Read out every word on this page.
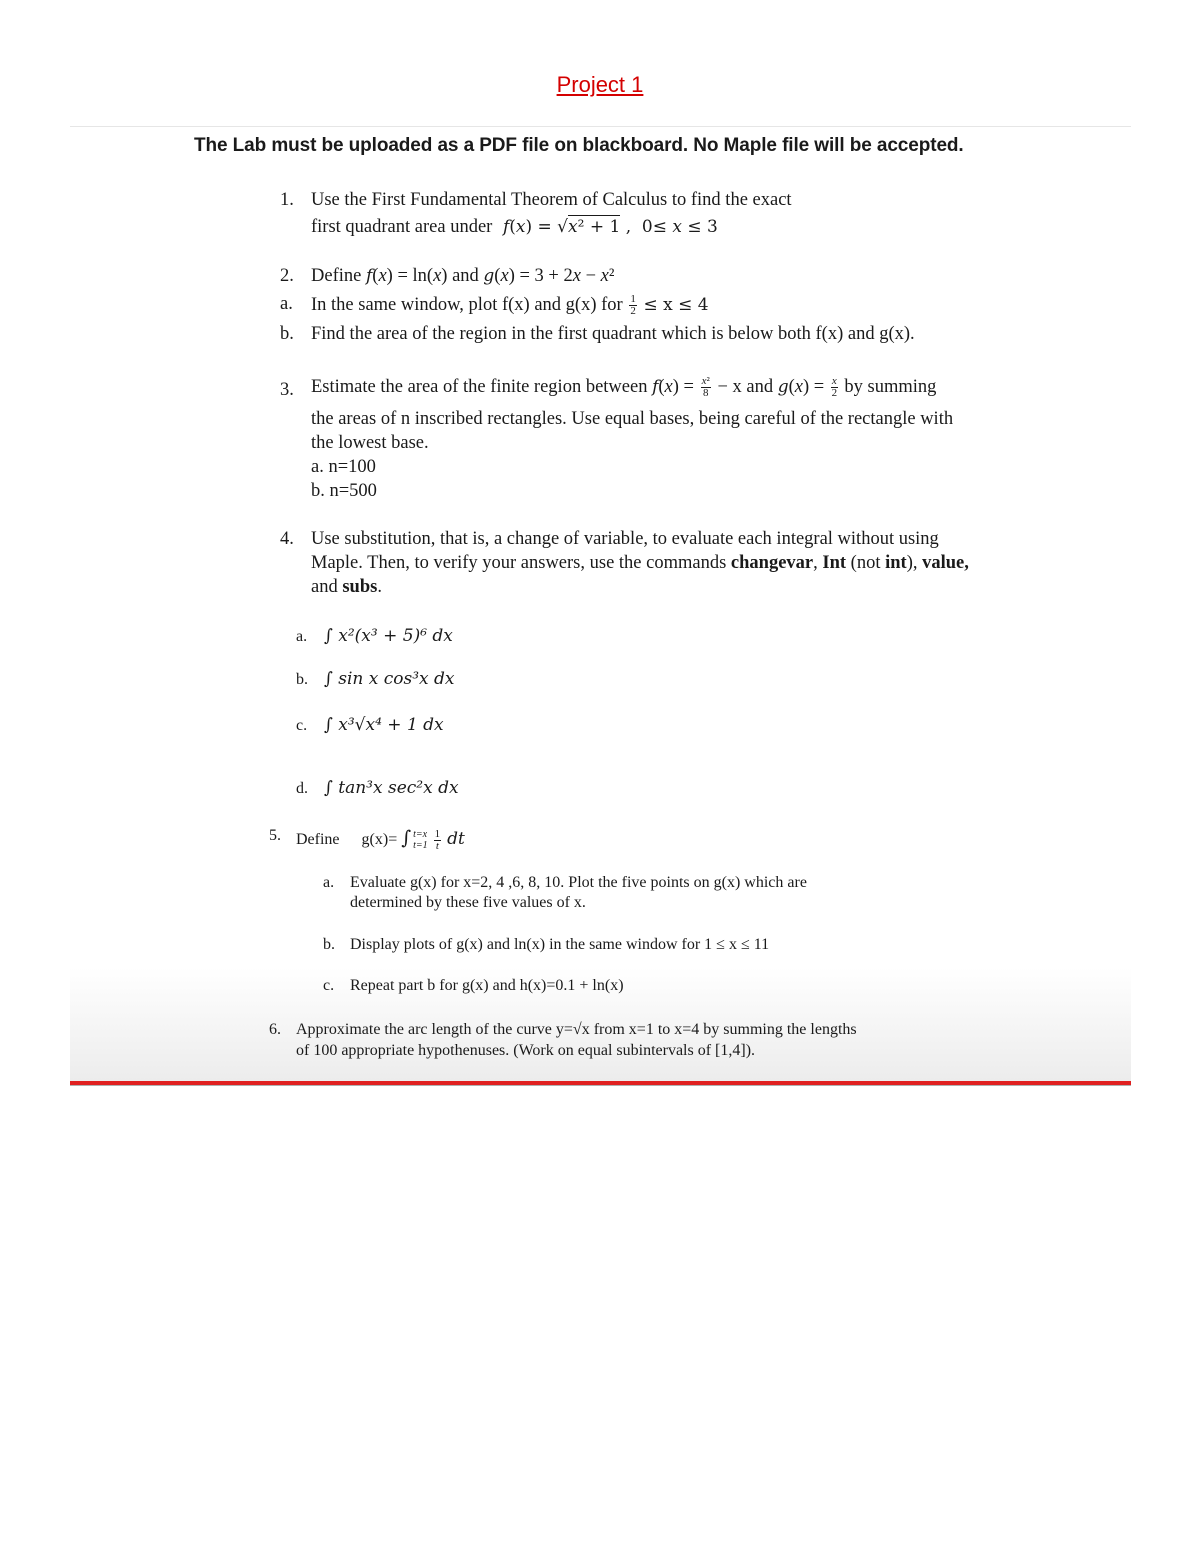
Project 1
The Lab must be uploaded as a PDF file on blackboard. No Maple file will be accepted.
1. Use the First Fundamental Theorem of Calculus to find the exact
first quadrant area under f(x) = √x² + 1 ,  0≤ x ≤ 3
2. Define f(x) = ln(x) and g(x) = 3 + 2x − x²
a. In the same window, plot f(x) and g(x) for $\frac{1}{2} \le x \le 4$
b. Find the area of the region in the first quadrant which is below both f(x) and g(x).
3. Estimate the area of the finite region between $f(x) = \frac{\text{x²}}{8} - x$ and $g(x) = \frac{x}{2}$ by summing
the areas of n inscribed rectangles. Use equal bases, being careful of the rectangle with
the lowest base.
a. n=100
b. n=500
4. Use substitution, that is, a change of variable, to evaluate each integral without using
Maple. Then, to verify your answers, use the commands changevar, Int (not int), value,
and subs.
a. ∫ x²(x³ + 5)⁶ dx
b. ∫ sin x cos³x dx
c. ∫ x³√x⁴ + 1 dx
d. ∫ tan³x sec²x dx
5. Define g(x)= ∫ t=x
t=1
$\frac{1}{t}$ dt
a. Evaluate g(x) for x=2, 4 ,6, 8, 10. Plot the five points on g(x) which are
determined by these five values of x.
b. Display plots of g(x) and ln(x) in the same window for 1 ≤ x ≤ 11
c. Repeat part b for g(x) and h(x)=0.1 + ln(x)
6. Approximate the arc length of the curve y=√x from x=1 to x=4 by summing the lengths
of 100 appropriate hypothenuses. (Work on equal subintervals of [1,4]).
